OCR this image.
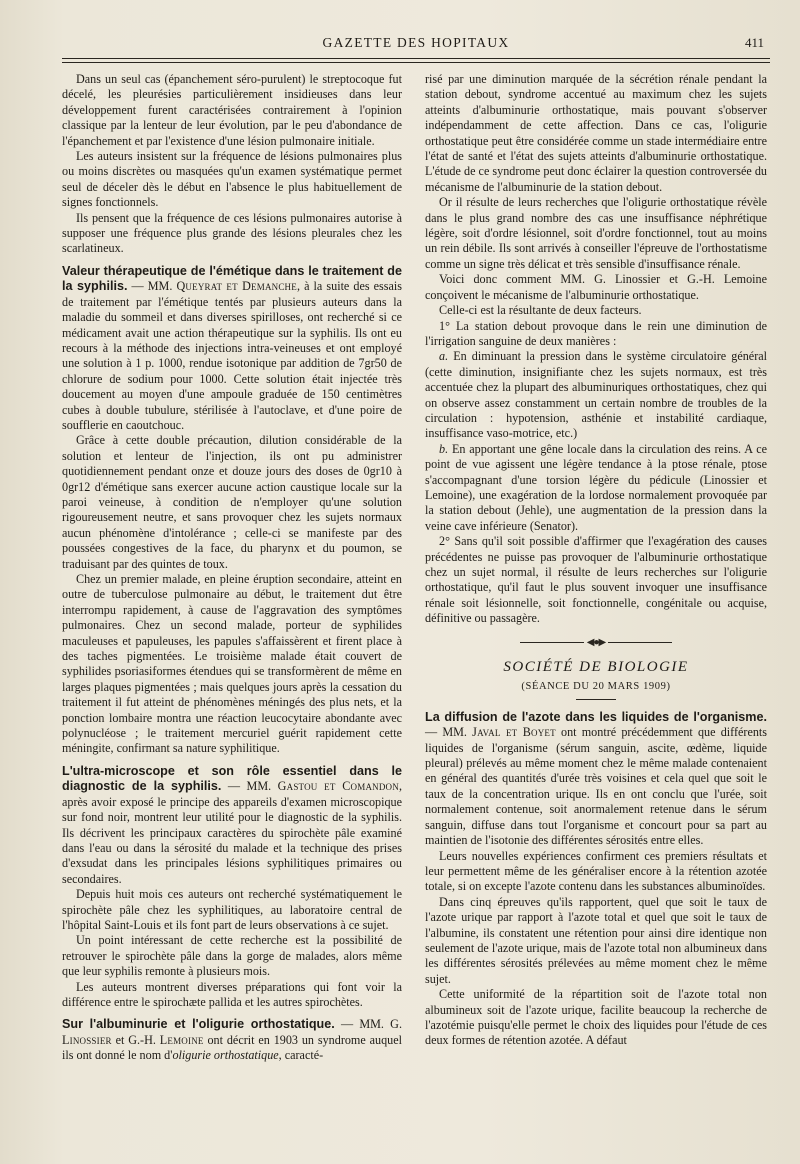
GAZETTE DES HOPITAUX	411

Dans un seul cas (épanchement séro-purulent) le streptocoque fut décelé, les pleurésies particulièrement insidieuses dans leur développement furent caractérisées contrairement à l'opinion classique par la lenteur de leur évolution, par le peu d'abondance de l'épanchement et par l'existence d'une lésion pulmonaire initiale.

Les auteurs insistent sur la fréquence de lésions pulmonaires plus ou moins discrètes ou masquées qu'un examen systématique permet seul de déceler dès le début en l'absence le plus habituellement de signes fonctionnels.

Ils pensent que la fréquence de ces lésions pulmonaires autorise à supposer une fréquence plus grande des lésions pleurales chez les scarlatineux.

Valeur thérapeutique de l'émétique dans le traitement de la syphilis. — MM. Queyrat et Demanche, à la suite des essais de traitement par l'émétique tentés par plusieurs auteurs dans la maladie du sommeil et dans diverses spirilloses, ont recherché si ce médicament avait une action thérapeutique sur la syphilis. Ils ont eu recours à la méthode des injections intra-veineuses et ont employé une solution à 1 p. 1000, rendue isotonique par addition de 7gr50 de chlorure de sodium pour 1000. Cette solution était injectée très doucement au moyen d'une ampoule graduée de 150 centimètres cubes à double tubulure, stérilisée à l'autoclave, et d'une poire de soufflerie en caoutchouc.

Grâce à cette double précaution, dilution considérable de la solution et lenteur de l'injection, ils ont pu administrer quotidiennement pendant onze et douze jours des doses de 0gr10 à 0gr12 d'émétique sans exercer aucune action caustique locale sur la paroi veineuse, à condition de n'employer qu'une solution rigoureusement neutre, et sans provoquer chez les sujets normaux aucun phénomène d'intolérance ; celle-ci se manifeste par des poussées congestives de la face, du pharynx et du poumon, se traduisant par des quintes de toux.

Chez un premier malade, en pleine éruption secondaire, atteint en outre de tuberculose pulmonaire au début, le traitement dut être interrompu rapidement, à cause de l'aggravation des symptômes pulmonaires. Chez un second malade, porteur de syphilides maculeuses et papuleuses, les papules s'affaissèrent et firent place à des taches pigmentées. Le troisième malade était couvert de syphilides psoriasiformes étendues qui se transformèrent de même en larges plaques pigmentées ; mais quelques jours après la cessation du traitement il fut atteint de phénomènes méningés des plus nets, et la ponction lombaire montra une réaction leucocytaire abondante avec polynucléose ; le traitement mercuriel guérit rapidement cette méningite, confirmant sa nature syphilitique.

L'ultra-microscope et son rôle essentiel dans le diagnostic de la syphilis. — MM. Gastou et Comandon, après avoir exposé le principe des appareils d'examen microscopique sur fond noir, montrent leur utilité pour le diagnostic de la syphilis. Ils décrivent les principaux caractères du spirochète pâle examiné dans l'eau ou dans la sérosité du malade et la technique des prises d'exsudat dans les principales lésions syphilitiques primaires ou secondaires.

Depuis huit mois ces auteurs ont recherché systématiquement le spirochète pâle chez les syphilitiques, au laboratoire central de l'hôpital Saint-Louis et ils font part de leurs observations à ce sujet.

Un point intéressant de cette recherche est la possibilité de retrouver le spirochète pâle dans la gorge de malades, alors même que leur syphilis remonte à plusieurs mois.

Les auteurs montrent diverses préparations qui font voir la différence entre le spirochæte pallida et les autres spirochètes.

Sur l'albuminurie et l'oligurie orthostatique. — MM. G. Linossier et G.-H. Lemoine ont décrit en 1903 un syndrome auquel ils ont donné le nom d'oligurie orthostatique, caracté-

risé par une diminution marquée de la sécrétion rénale pendant la station debout, syndrome accentué au maximum chez les sujets atteints d'albuminurie orthostatique, mais pouvant s'observer indépendamment de cette affection. Dans ce cas, l'oligurie orthostatique peut être considérée comme un stade intermédiaire entre l'état de santé et l'état des sujets atteints d'albuminurie orthostatique. L'étude de ce syndrome peut donc éclairer la question controversée du mécanisme de l'albuminurie de la station debout.

Or il résulte de leurs recherches que l'oligurie orthostatique révèle dans le plus grand nombre des cas une insuffisance néphrétique légère, soit d'ordre lésionnel, soit d'ordre fonctionnel, tout au moins un rein débile. Ils sont arrivés à conseiller l'épreuve de l'orthostatisme comme un signe très délicat et très sensible d'insuffisance rénale.

Voici donc comment MM. G. Linossier et G.-H. Lemoine conçoivent le mécanisme de l'albuminurie orthostatique.

Celle-ci est la résultante de deux facteurs.

1° La station debout provoque dans le rein une diminution de l'irrigation sanguine de deux manières :

a. En diminuant la pression dans le système circulatoire général (cette diminution, insignifiante chez les sujets normaux, est très accentuée chez la plupart des albuminuriques orthostatiques, chez qui on observe assez constamment un certain nombre de troubles de la circulation : hypotension, asthénie et instabilité cardiaque, insuffisance vaso-motrice, etc.)

b. En apportant une gêne locale dans la circulation des reins. A ce point de vue agissent une légère tendance à la ptose rénale, ptose s'accompagnant d'une torsion légère du pédicule (Linossier et Lemoine), une exagération de la lordose normalement provoquée par la station debout (Jehle), une augmentation de la pression dans la veine cave inférieure (Senator).

2° Sans qu'il soit possible d'affirmer que l'exagération des causes précédentes ne puisse pas provoquer de l'albuminurie orthostatique chez un sujet normal, il résulte de leurs recherches sur l'oligurie orthostatique, qu'il faut le plus souvent invoquer une insuffisance rénale soit lésionnelle, soit fonctionnelle, congénitale ou acquise, définitive ou passagère.

◀●▶
SOCIÉTÉ DE BIOLOGIE
(SÉANCE DU 20 MARS 1909)

La diffusion de l'azote dans les liquides de l'organisme. — MM. Javal et Boyet ont montré précédemment que différents liquides de l'organisme (sérum sanguin, ascite, œdème, liquide pleural) prélevés au même moment chez le même malade contenaient en général des quantités d'urée très voisines et cela quel que soit le taux de la concentration urique. Ils en ont conclu que l'urée, soit normalement contenue, soit anormalement retenue dans le sérum sanguin, diffuse dans tout l'organisme et concourt pour sa part au maintien de l'isotonie des différentes sérosités entre elles.

Leurs nouvelles expériences confirment ces premiers résultats et leur permettent même de les généraliser encore à la rétention azotée totale, si on excepte l'azote contenu dans les substances albuminoïdes.

Dans cinq épreuves qu'ils rapportent, quel que soit le taux de l'azote urique par rapport à l'azote total et quel que soit le taux de l'albumine, ils constatent une rétention pour ainsi dire identique non seulement de l'azote urique, mais de l'azote total non albumineux dans les différentes sérosités prélevées au même moment chez le même sujet.

Cette uniformité de la répartition soit de l'azote total non albumineux soit de l'azote urique, facilite beaucoup la recherche de l'azotémie puisqu'elle permet le choix des liquides pour l'étude de ces deux formes de rétention azotée. A défaut
